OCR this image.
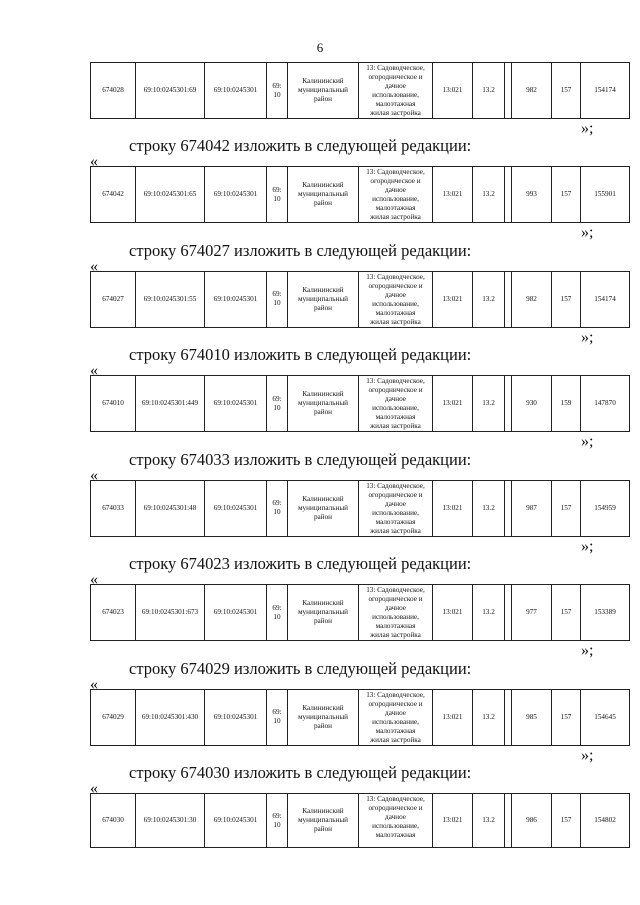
6
674028	69:10:0245301:69	69:10:0245301	69:
10	Калининский
муниципальный
район	13: Садоводческое,
огородническое и
дачное
использование,
малоэтажная
жилая застройка	13:021	13.2		982	157	154174
»;
строку 674042 изложить в следующей редакции:
«
674042	69:10:0245301:65	69:10:0245301	69:
10	Калининский
муниципальный
район	13: Садоводческое,
огороднческое и
дачное
использование,
малоэтажная
жилая застройка	13:021	13.2		993	157	155901
»;
строку 674027 изложить в следующей редакции:
«
674027	69:10:0245301:55	69:10:0245301	69:
10	Калининский
муниципальный
район	13: Садоводческое,
огородническое и
дачное
использование,
малоэтажная
жилая застройка	13:021	13.2		982	157	154174
»;
строку 674010 изложить в следующей редакции:
«
674010	69:10:0245301:449	69:10:0245301	69:
10	Калининский
муниципальный
район	13: Садоводческое,
огородническое и
дачное
использование,
малоэтажная
жилая застройка	13:021	13.2		930	159	147870
»;
строку 674033 изложить в следующей редакции:
«
674033	69:10:0245301:48	69:10:0245301	69:
10	Калининский
муниципальный
район	13: Садоводческое,
огородническое и
дачное
использование,
малоэтажная
жилая застройка	13:021	13.2		987	157	154959
»;
строку 674023 изложить в следующей редакции:
«
674023	69:10:0245301:673	69:10:0245301	69:
10	Калининский
муниципальный
район	13: Садоводческое,
огородническое и
дачное
использование,
малоэтажная
жилая застройка	13:021	13.2		977	157	153389
»;
строку 674029 изложить в следующей редакции:
«
674029	69:10:0245301:430	69:10:0245301	69:
10	Калининский
муниципальный
район	13: Садоводческое,
огородническое и
дачное
использование,
малоэтажная
жилая застройка	13:021	13.2		985	157	154645
»;
строку 674030 изложить в следующей редакции:
«
674030	69:10:0245301:30	69:10:0245301	69:
10	Калининский
муниципальный
район	13: Садоводческое,
огородническое и
дачное
использование,
малоэтажная	13:021	13.2		986	157	154802
